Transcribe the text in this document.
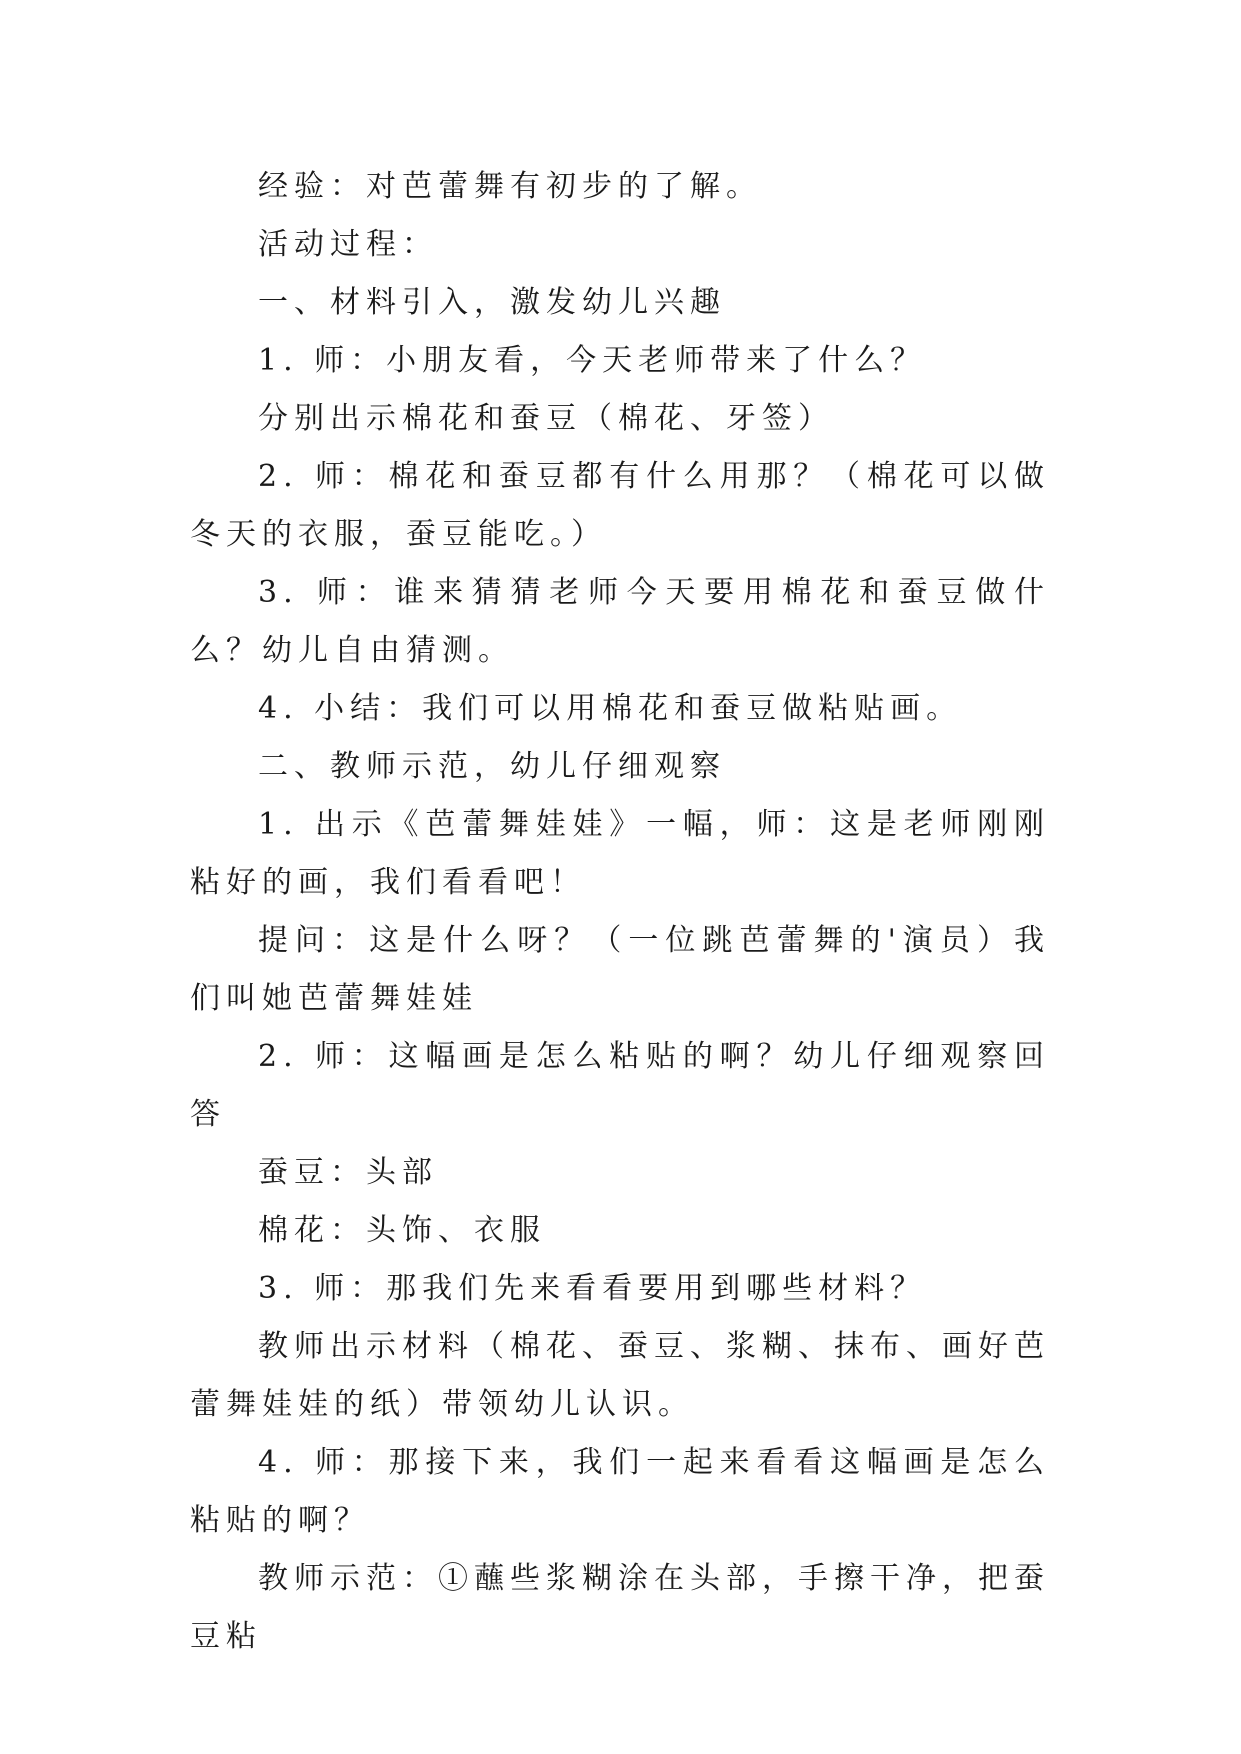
经验：对芭蕾舞有初步的了解。

活动过程：

一、材料引入，激发幼儿兴趣

1. 师：小朋友看，今天老师带来了什么？

分别出示棉花和蚕豆（棉花、牙签）

2. 师：棉花和蚕豆都有什么用那？（棉花可以做冬天的衣服，蚕豆能吃。）

3. 师：谁来猜猜老师今天要用棉花和蚕豆做什么？幼儿自由猜测。

4. 小结：我们可以用棉花和蚕豆做粘贴画。

二、教师示范，幼儿仔细观察

1. 出示《芭蕾舞娃娃》一幅，师：这是老师刚刚粘好的画，我们看看吧！

提问：这是什么呀？（一位跳芭蕾舞的'演员）我们叫她芭蕾舞娃娃

2. 师：这幅画是怎么粘贴的啊？幼儿仔细观察回答

蚕豆：头部

棉花：头饰、衣服

3. 师：那我们先来看看要用到哪些材料？

教师出示材料（棉花、蚕豆、浆糊、抹布、画好芭蕾舞娃娃的纸）带领幼儿认识。

4. 师：那接下来，我们一起来看看这幅画是怎么粘贴的啊？

教师示范：①蘸些浆糊涂在头部，手擦干净，把蚕豆粘
